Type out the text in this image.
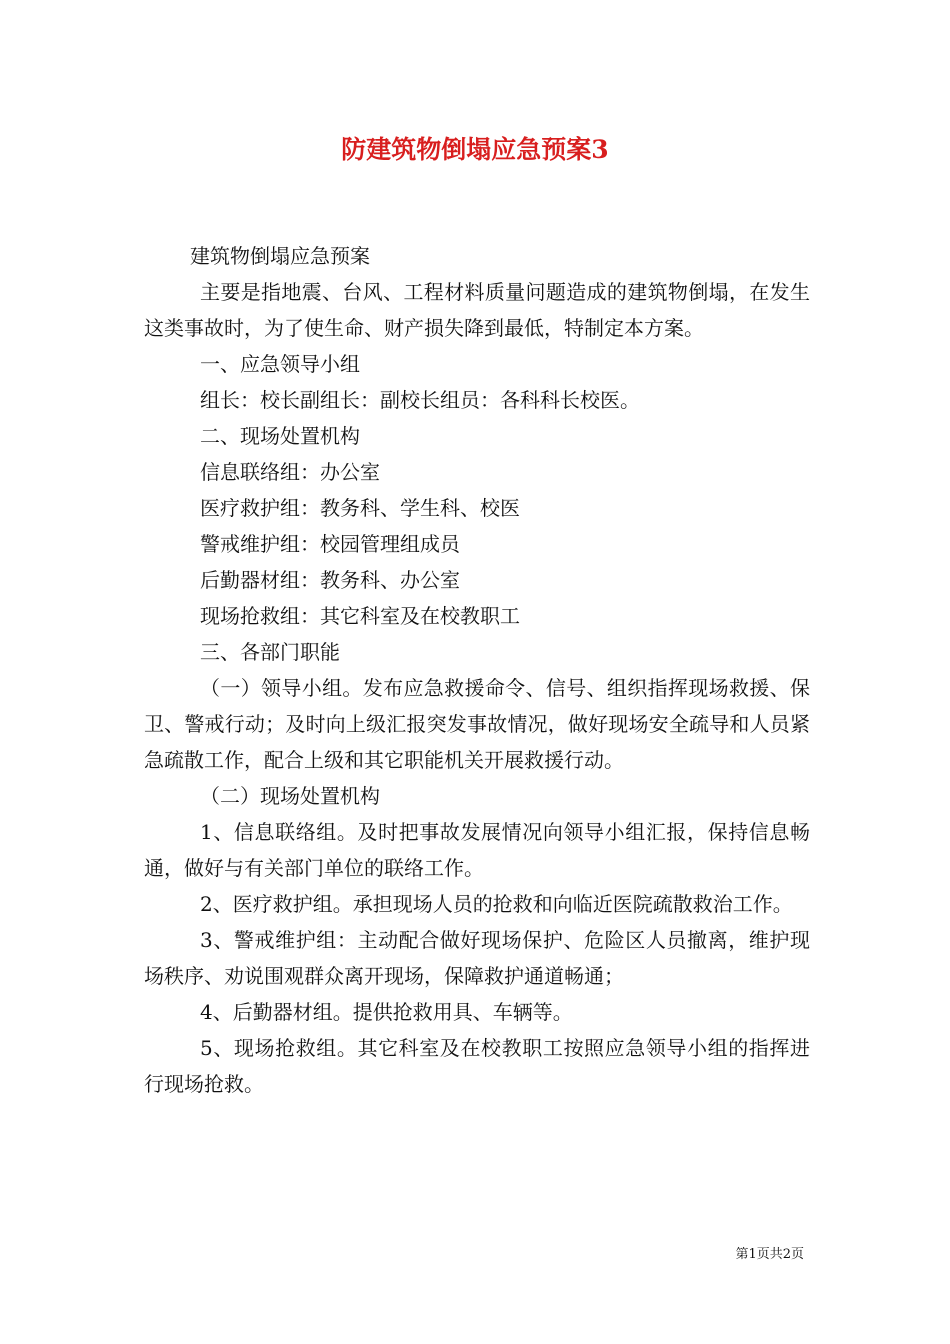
防建筑物倒塌应急预案3

建筑物倒塌应急预案

主要是指地震、台风、工程材料质量问题造成的建筑物倒塌，在发生这类事故时，为了使生命、财产损失降到最低，特制定本方案。

一、应急领导小组

组长：校长副组长：副校长组员：各科科长校医。

二、现场处置机构

信息联络组：办公室

医疗救护组：教务科、学生科、校医

警戒维护组：校园管理组成员

后勤器材组：教务科、办公室

现场抢救组：其它科室及在校教职工

三、各部门职能

（一）领导小组。发布应急救援命令、信号、组织指挥现场救援、保卫、警戒行动；及时向上级汇报突发事故情况，做好现场安全疏导和人员紧急疏散工作，配合上级和其它职能机关开展救援行动。

（二）现场处置机构

1、信息联络组。及时把事故发展情况向领导小组汇报，保持信息畅通，做好与有关部门单位的联络工作。

2、医疗救护组。承担现场人员的抢救和向临近医院疏散救治工作。

3、警戒维护组：主动配合做好现场保护、危险区人员撤离，维护现场秩序、劝说围观群众离开现场，保障救护通道畅通；

4、后勤器材组。提供抢救用具、车辆等。

5、现场抢救组。其它科室及在校教职工按照应急领导小组的指挥进行现场抢救。

第1页共2页
